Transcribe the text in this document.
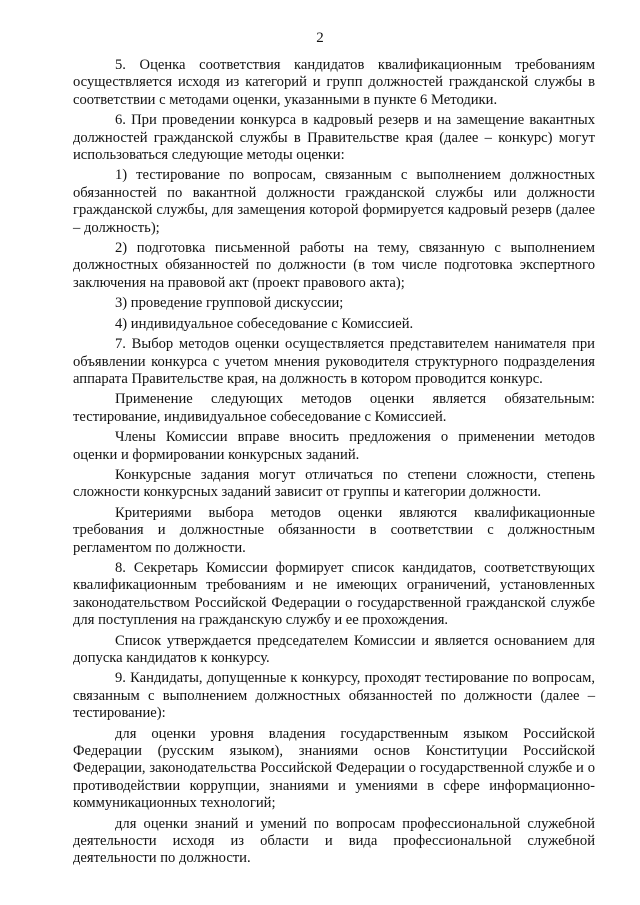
2

5. Оценка соответствия кандидатов квалификационным требованиям осуществляется исходя из категорий и групп должностей гражданской службы в соответствии с методами оценки, указанными в пункте 6 Методики.

6. При проведении конкурса в кадровый резерв и на замещение вакантных должностей гражданской службы в Правительстве края (далее – конкурс) могут использоваться следующие методы оценки:

1) тестирование по вопросам, связанным с выполнением должностных обязанностей по вакантной должности гражданской службы или должности гражданской службы, для замещения которой формируется кадровый резерв (далее – должность);

2) подготовка письменной работы на тему, связанную с выполнением должностных обязанностей по должности (в том числе подготовка экспертного заключения на правовой акт (проект правового акта);

3) проведение групповой дискуссии;

4) индивидуальное собеседование с Комиссией.

7. Выбор методов оценки осуществляется представителем нанимателя при объявлении конкурса с учетом мнения руководителя структурного подразделения аппарата Правительстве края, на должность в котором проводится конкурс.

Применение следующих методов оценки является обязательным: тестирование, индивидуальное собеседование с Комиссией.

Члены Комиссии вправе вносить предложения о применении методов оценки и формировании конкурсных заданий.

Конкурсные задания могут отличаться по степени сложности, степень сложности конкурсных заданий зависит от группы и категории должности.

Критериями выбора методов оценки являются квалификационные требования и должностные обязанности в соответствии с должностным регламентом по должности.

8. Секретарь Комиссии формирует список кандидатов, соответствующих квалификационным требованиям и не имеющих ограничений, установленных законодательством Российской Федерации о государственной гражданской службе для поступления на гражданскую службу и ее прохождения.

Список утверждается председателем Комиссии и является основанием для допуска кандидатов к конкурсу.

9. Кандидаты, допущенные к конкурсу, проходят тестирование по вопросам, связанным с выполнением должностных обязанностей по должности (далее – тестирование):

для оценки уровня владения государственным языком Российской Федерации (русским языком), знаниями основ Конституции Российской Федерации, законодательства Российской Федерации о государственной службе и о противодействии коррупции, знаниями и умениями в сфере информационно-коммуникационных технологий;

для оценки знаний и умений по вопросам профессиональной служебной деятельности исходя из области и вида профессиональной служебной деятельности по должности.
